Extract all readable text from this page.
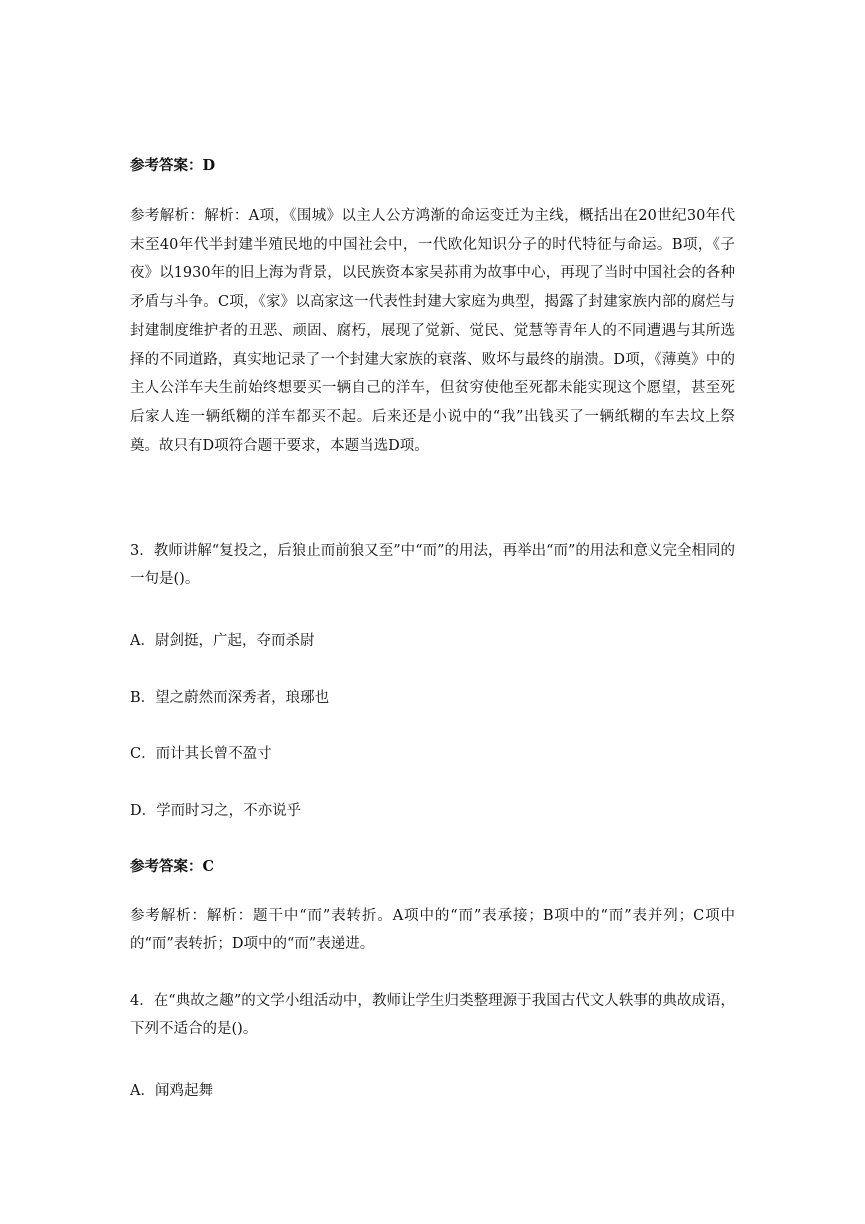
参考答案：D
参考解析：解析：A项，《围城》以主人公方鸿渐的命运变迁为主线，概括出在20世纪30年代末至40年代半封建半殖民地的中国社会中，一代欧化知识分子的时代特征与命运。B项，《子夜》以1930年的旧上海为背景，以民族资本家吴荪甫为故事中心，再现了当时中国社会的各种矛盾与斗争。C项，《家》以高家这一代表性封建大家庭为典型，揭露了封建家族内部的腐烂与封建制度维护者的丑恶、顽固、腐朽，展现了觉新、觉民、觉慧等青年人的不同遭遇与其所选择的不同道路，真实地记录了一个封建大家族的衰落、败坏与最终的崩溃。D项，《薄奠》中的主人公洋车夫生前始终想要买一辆自己的洋车，但贫穷使他至死都未能实现这个愿望，甚至死后家人连一辆纸糊的洋车都买不起。后来还是小说中的“我”出钱买了一辆纸糊的车去坟上祭奠。故只有D项符合题干要求，本题当选D项。
3．教师讲解“复投之，后狼止而前狼又至”中“而”的用法，再举出“而”的用法和意义完全相同的一句是()。
A．尉剑挺，广起，夺而杀尉
B．望之蔚然而深秀者，琅琊也
C．而计其长曾不盈寸
D．学而时习之，不亦说乎
参考答案：C
参考解析：解析：题干中“而”表转折。A项中的“而”表承接；B项中的“而”表并列；C项中的“而”表转折；D项中的“而”表递进。
4．在“典故之趣”的文学小组活动中，教师让学生归类整理源于我国古代文人轶事的典故成语，下列不适合的是()。
A．闻鸡起舞
